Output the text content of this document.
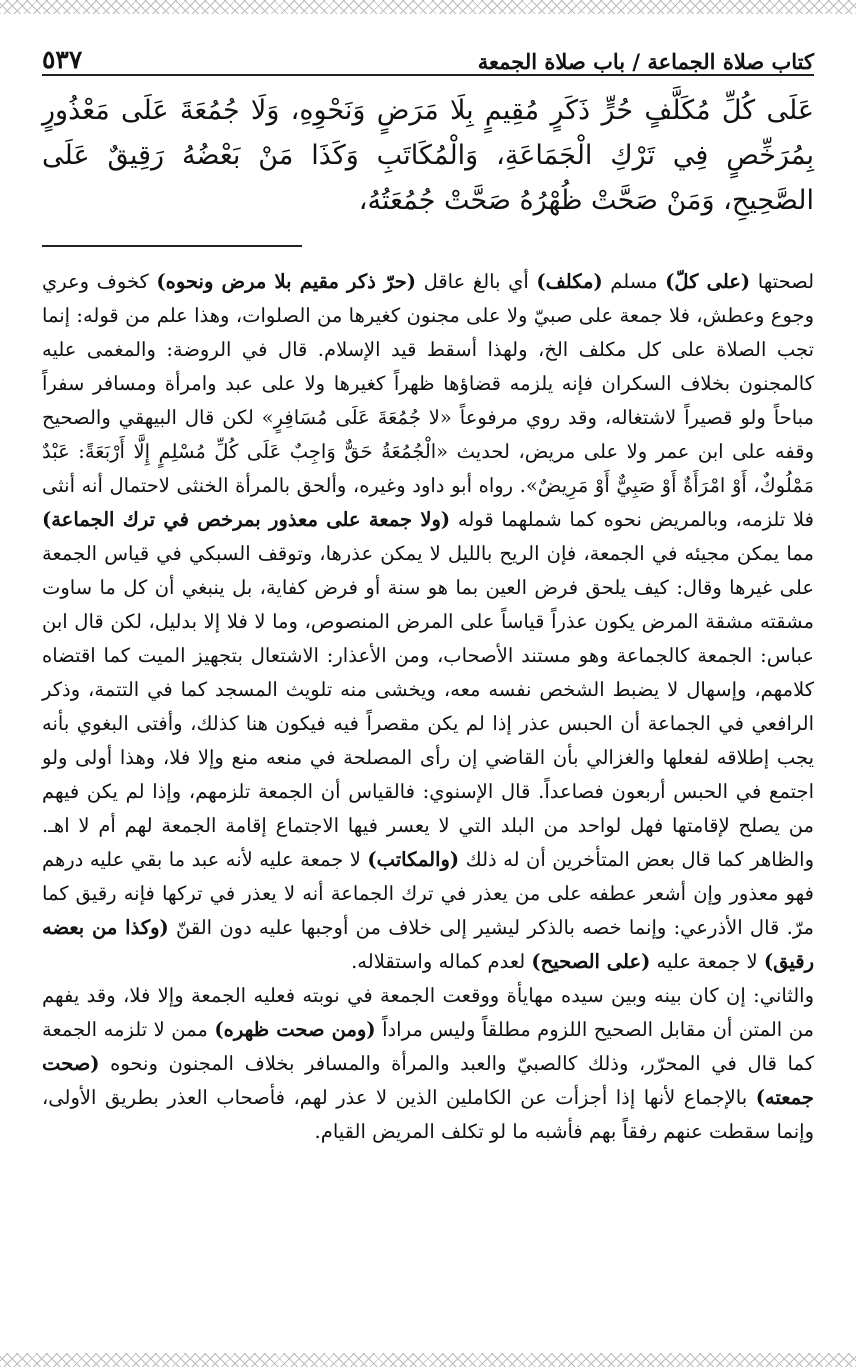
كتاب صلاة الجماعة / باب صلاة الجمعة
٥٣٧

عَلَى كُلِّ مُكَلَّفٍ حُرٍّ ذَكَرٍ مُقِيمٍ بِلَا مَرَضٍ وَنَحْوِهِ، وَلَا جُمُعَةَ عَلَى مَعْذُورٍ بِمُرَخِّصٍ فِي تَرْكِ الْجَمَاعَةِ، وَالْمُكَاتَبِ وَكَذَا مَنْ بَعْضُهُ رَقِيقٌ عَلَى الصَّحِيحِ، وَمَنْ صَحَّتْ ظُهْرُهُ صَحَّتْ جُمُعَتُهُ،

لصحتها (على كلّ) مسلم (مكلف) أي بالغ عاقل (حرّ ذكر مقيم بلا مرض ونحوه) كخوف وعري وجوع وعطش، فلا جمعة على صبيّ ولا على مجنون كغيرها من الصلوات، وهذا علم من قوله: إنما تجب الصلاة على كل مكلف الخ، ولهذا أسقط قيد الإسلام. قال في الروضة: والمغمى عليه كالمجنون بخلاف السكران فإنه يلزمه قضاؤها ظهراً كغيرها ولا على عبد وامرأة ومسافر سفراً مباحاً ولو قصيراً لاشتغاله، وقد روي مرفوعاً «لا جُمُعَةَ عَلَى مُسَافِرٍ» لكن قال البيهقي والصحيح وقفه على ابن عمر ولا على مريض، لحديث «الْجُمُعَةُ حَقٌّ وَاجِبٌ عَلَى كُلِّ مُسْلِمٍ إِلَّا أَرْبَعَةً: عَبْدٌ مَمْلُوكٌ، أَوْ امْرَأَةٌ أَوْ صَبِيٌّ أَوْ مَرِيضٌ». رواه أبو داود وغيره، وألحق بالمرأة الخنثى لاحتمال أنه أنثى فلا تلزمه، وبالمريض نحوه كما شملهما قوله (ولا جمعة على معذور بمرخص في ترك الجماعة) مما يمكن مجيئه في الجمعة، فإن الريح بالليل لا يمكن عذرها، وتوقف السبكي في قياس الجمعة على غيرها وقال: كيف يلحق فرض العين بما هو سنة أو فرض كفاية، بل ينبغي أن كل ما ساوت مشقته مشقة المرض يكون عذراً قياساً على المرض المنصوص، وما لا فلا إلا بدليل، لكن قال ابن عباس: الجمعة كالجماعة وهو مستند الأصحاب، ومن الأعذار: الاشتعال بتجهيز الميت كما اقتضاه كلامهم، وإسهال لا يضبط الشخص نفسه معه، ويخشى منه تلويث المسجد كما في التتمة، وذكر الرافعي في الجماعة أن الحبس عذر إذا لم يكن مقصراً فيه فيكون هنا كذلك، وأفتى البغوي بأنه يجب إطلاقه لفعلها والغزالي بأن القاضي إن رأى المصلحة في منعه منع وإلا فلا، وهذا أولى ولو اجتمع في الحبس أربعون فصاعداً. قال الإسنوي: فالقياس أن الجمعة تلزمهم، وإذا لم يكن فيهم من يصلح لإقامتها فهل لواحد من البلد التي لا يعسر فيها الاجتماع إقامة الجمعة لهم أم لا اهـ. والظاهر كما قال بعض المتأخرين أن له ذلك (والمكاتب) لا جمعة عليه لأنه عبد ما بقي عليه درهم فهو معذور وإن أشعر عطفه على من يعذر في ترك الجماعة أنه لا يعذر في تركها فإنه رقيق كما مرّ. قال الأذرعي: وإنما خصه بالذكر ليشير إلى خلاف من أوجبها عليه دون القنّ (وكذا من بعضه رقيق) لا جمعة عليه (على الصحيح) لعدم كماله واستقلاله.

والثاني: إن كان بينه وبين سيده مهايأة ووقعت الجمعة في نوبته فعليه الجمعة وإلا فلا، وقد يفهم من المتن أن مقابل الصحيح اللزوم مطلقاً وليس مراداً (ومن صحت ظهره) ممن لا تلزمه الجمعة كما قال في المحرّر، وذلك كالصبيّ والعبد والمرأة والمسافر بخلاف المجنون ونحوه (صحت جمعته) بالإجماع لأنها إذا أجزأت عن الكاملين الذين لا عذر لهم، فأصحاب العذر بطريق الأولى، وإنما سقطت عنهم رفقاً بهم فأشبه ما لو تكلف المريض القيام.
